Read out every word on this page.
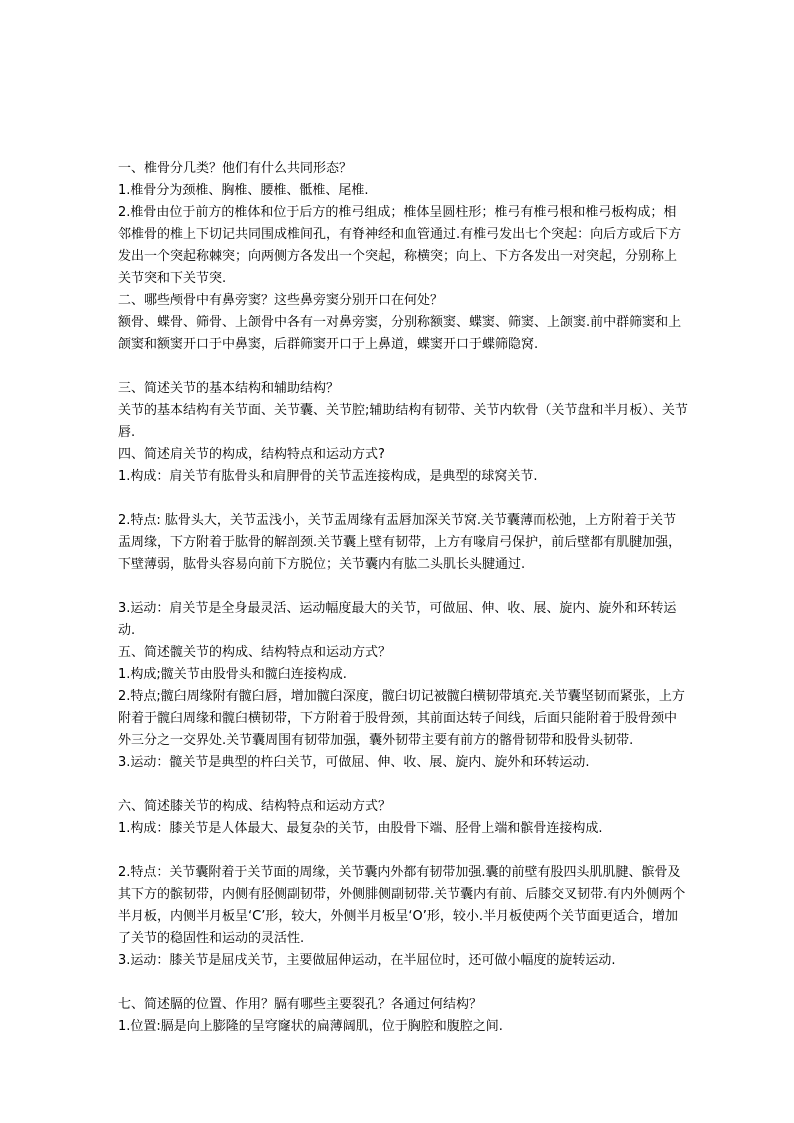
一、椎骨分几类？他们有什么共同形态？

1.椎骨分为颈椎、胸椎、腰椎、骶椎、尾椎.

2.椎骨由位于前方的椎体和位于后方的椎弓组成；椎体呈圆柱形；椎弓有椎弓根和椎弓板构成；相邻椎骨的椎上下切记共同围成椎间孔，有脊神经和血管通过.有椎弓发出七个突起：向后方或后下方发出一个突起称棘突；向两侧方各发出一个突起，称横突；向上、下方各发出一对突起，分别称上关节突和下关节突.

二、哪些颅骨中有鼻旁窦？这些鼻旁窦分别开口在何处？

额骨、蝶骨、筛骨、上颌骨中各有一对鼻旁窦，分别称额窦、蝶窦、筛窦、上颌窦.前中群筛窦和上颌窦和额窦开口于中鼻窦，后群筛窦开口于上鼻道，蝶窦开口于蝶筛隐窝.

三、简述关节的基本结构和辅助结构？

关节的基本结构有关节面、关节囊、关节腔;辅助结构有韧带、关节内软骨（关节盘和半月板）、关节唇.

四、简述肩关节的构成，结构特点和运动方式?

1.构成：肩关节有肱骨头和肩胛骨的关节盂连接构成，是典型的球窝关节.

2.特点: 肱骨头大，关节盂浅小，关节盂周缘有盂唇加深关节窝.关节囊薄而松弛，上方附着于关节盂周缘，下方附着于肱骨的解剖颈.关节囊上壁有韧带，上方有喙肩弓保护，前后壁都有肌腱加强，下壁薄弱，肱骨头容易向前下方脱位；关节囊内有肱二头肌长头腱通过.

3.运动：肩关节是全身最灵活、运动幅度最大的关节，可做屈、伸、收、展、旋内、旋外和环转运动.

五、简述髋关节的构成、结构特点和运动方式？

1.构成;髋关节由股骨头和髋臼连接构成.

2.特点;髋臼周缘附有髋臼唇，增加髋臼深度，髋臼切记被髋臼横韧带填充.关节囊坚韧而紧张，上方附着于髋臼周缘和髋臼横韧带，下方附着于股骨颈，其前面达转子间线，后面只能附着于股骨颈中外三分之一交界处.关节囊周围有韧带加强，囊外韧带主要有前方的髂骨韧带和股骨头韧带.

3.运动：髋关节是典型的杵臼关节，可做屈、伸、收、展、旋内、旋外和环转运动.

六、简述膝关节的构成、结构特点和运动方式？

1.构成：膝关节是人体最大、最复杂的关节，由股骨下端、胫骨上端和髌骨连接构成.

2.特点：关节囊附着于关节面的周缘，关节囊内外都有韧带加强.囊的前壁有股四头肌肌腱、髌骨及其下方的髌韧带，内侧有胫侧副韧带，外侧腓侧副韧带.关节囊内有前、后膝交叉韧带.有内外侧两个半月板，内侧半月板呈‘C’形，较大，外侧半月板呈‘O’形，较小.半月板使两个关节面更适合，增加了关节的稳固性和运动的灵活性.

3.运动：膝关节是屈戌关节，主要做屈伸运动，在半屈位时，还可做小幅度的旋转运动.

七、简述膈的位置、作用？膈有哪些主要裂孔？各通过何结构？

1.位置:膈是向上膨隆的呈穹窿状的扁薄阔肌，位于胸腔和腹腔之间.
